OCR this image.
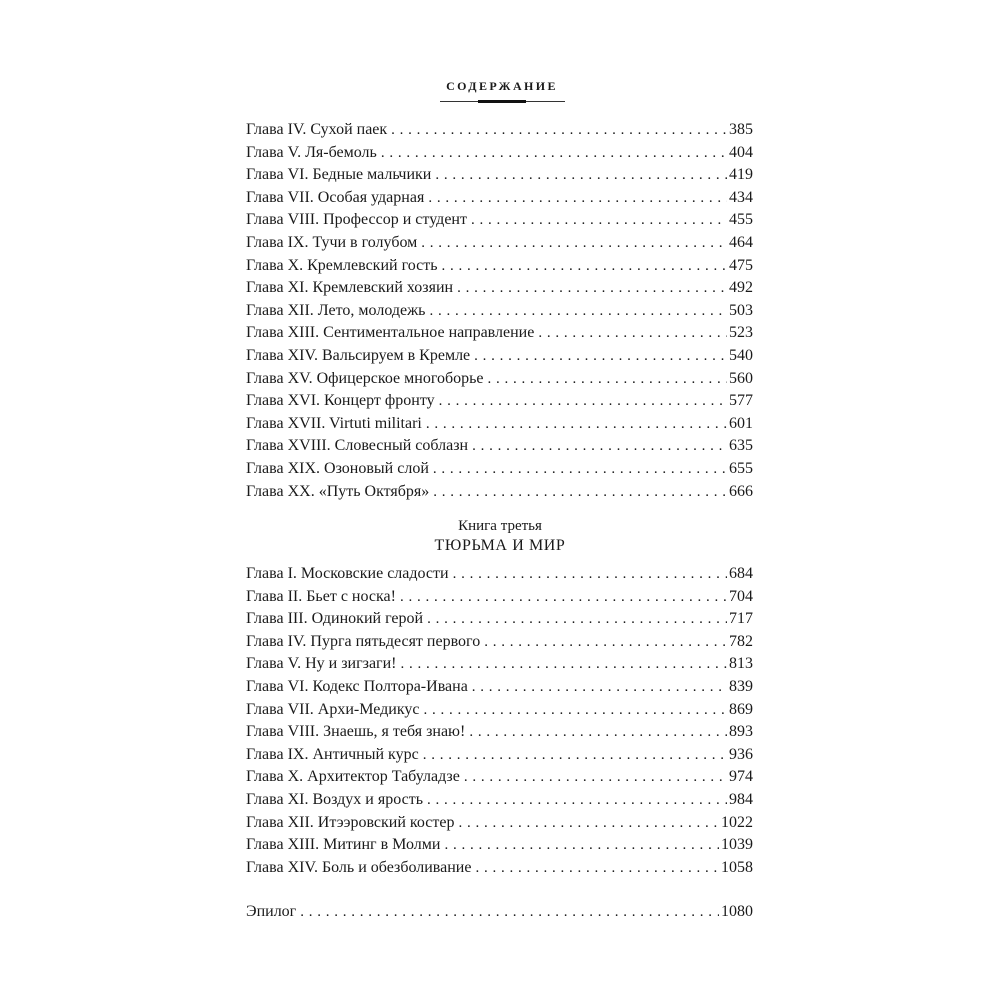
СОДЕРЖАНИЕ
Глава IV. Сухой паек . . .	385
Глава V. Ля-бемоль . . .	404
Глава VI. Бедные мальчики . . .	419
Глава VII. Особая ударная . . .	434
Глава VIII. Профессор и студент . . .	455
Глава IX. Тучи в голубом . . .	464
Глава X. Кремлевский гость . . .	475
Глава XI. Кремлевский хозяин . . .	492
Глава XII. Лето, молодежь . . .	503
Глава XIII. Сентиментальное направление . . .	523
Глава XIV. Вальсируем в Кремле . . .	540
Глава XV. Офицерское многоборье . . .	560
Глава XVI. Концерт фронту . . .	577
Глава XVII. Virtuti militari . . .	601
Глава XVIII. Словесный соблазн . . .	635
Глава XIX. Озоновый слой . . .	655
Глава XX. «Путь Октября» . . .	666
Книга третья
ТЮРЬМА И МИР
Глава I. Московские сладости . . .	684
Глава II. Бьет с носка! . . .	704
Глава III. Одинокий герой . . .	717
Глава IV. Пурга пятьдесят первого . . .	782
Глава V. Ну и зигзаги! . . .	813
Глава VI. Кодекс Полтора-Ивана . . .	839
Глава VII. Архи-Медикус . . .	869
Глава VIII. Знаешь, я тебя знаю! . . .	893
Глава IX. Античный курс . . .	936
Глава X. Архитектор Табуладзе . . .	974
Глава XI. Воздух и ярость . . .	984
Глава XII. Итээровский костер . . .	1022
Глава XIII. Митинг в Молми . . .	1039
Глава XIV. Боль и обезболивание . . .	1058
Эпилог . . .	1080
